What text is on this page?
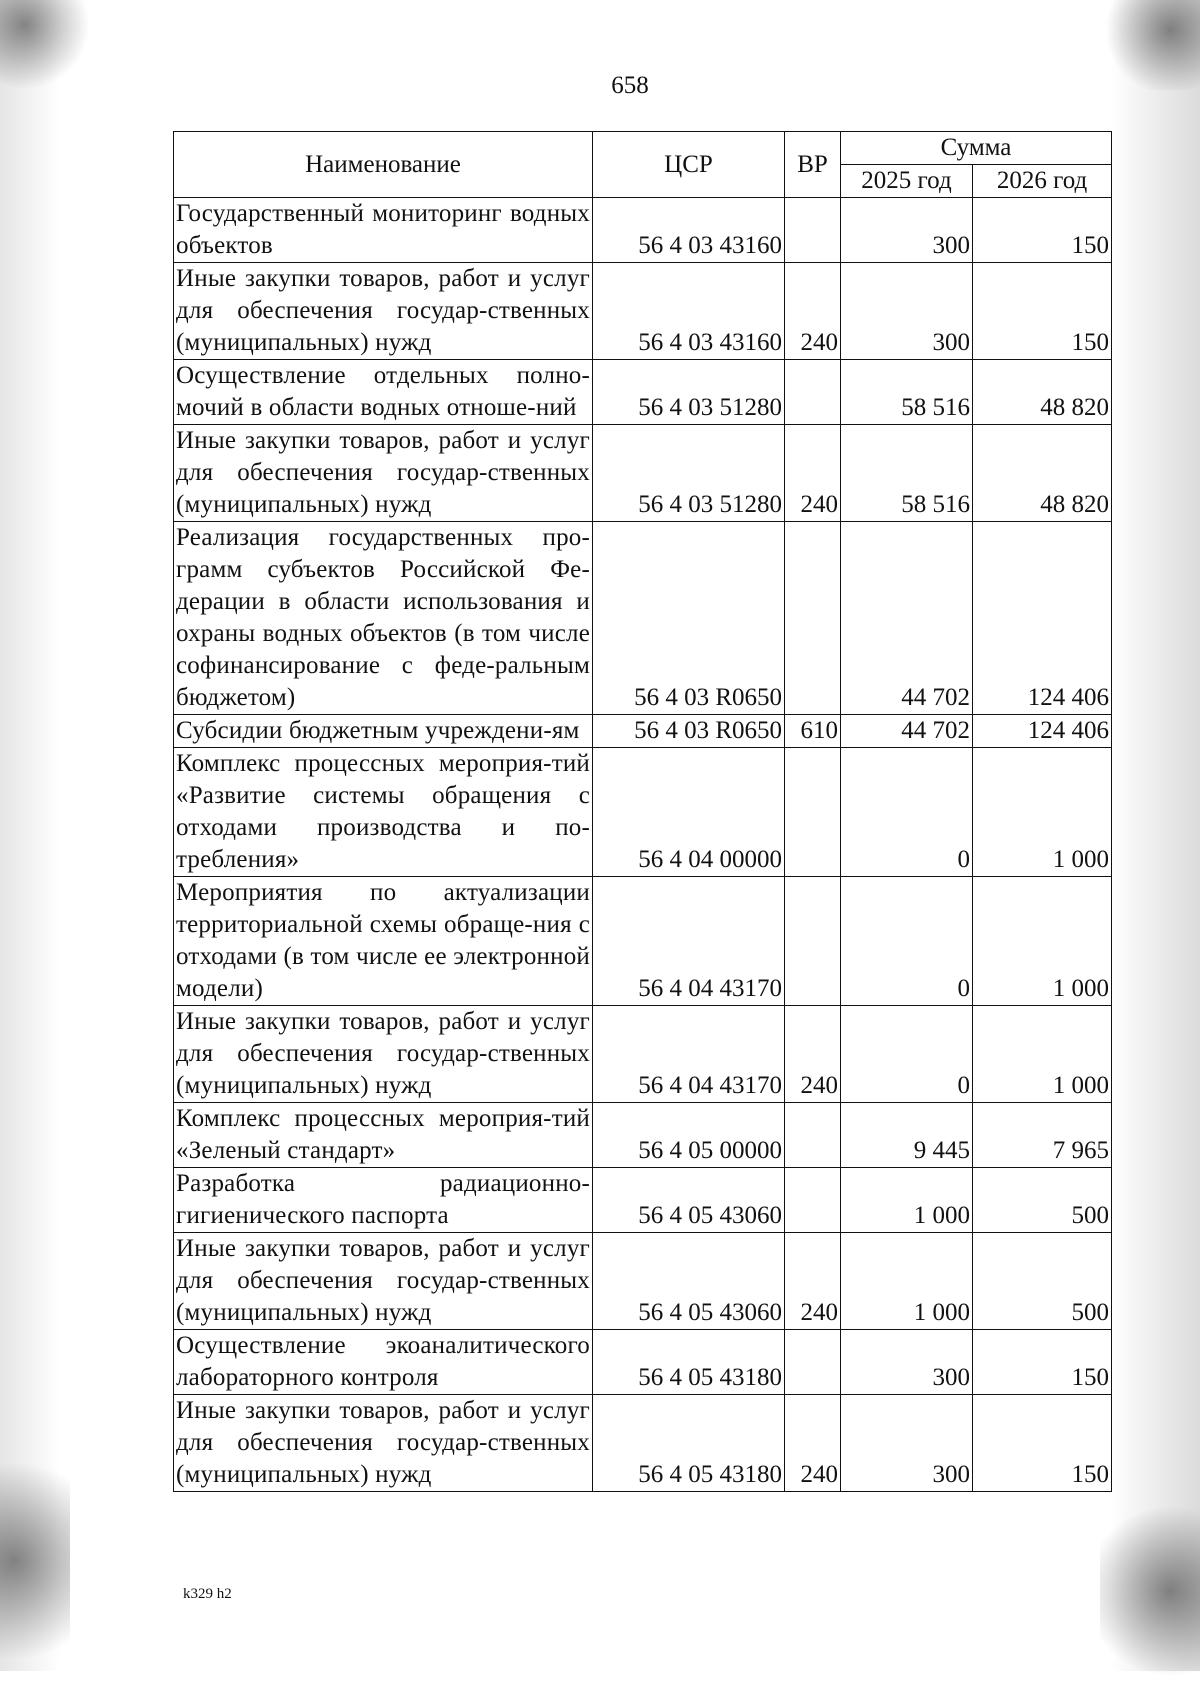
658
Наименование	ЦСР	ВР	Сумма	
			2025 год	2026 год
Государственный мониторинг водных объектов	56 4 03 43160		300	150
Иные закупки товаров, работ и услуг для обеспечения государ-ственных (муниципальных) нужд	56 4 03 43160	240	300	150
Осуществление отдельных полно-мочий в области водных отноше-ний	56 4 03 51280		58 516	48 820
Иные закупки товаров, работ и услуг для обеспечения государ-ственных (муниципальных) нужд	56 4 03 51280	240	58 516	48 820
Реализация государственных про-грамм субъектов Российской Фе-дерации в области использования и охраны водных объектов (в том числе софинансирование с феде-ральным бюджетом)	56 4 03 R0650		44 702	124 406
Субсидии бюджетным учреждени-ям	56 4 03 R0650	610	44 702	124 406
Комплекс процессных мероприя-тий «Развитие системы обращения с отходами производства и по-требления»	56 4 04 00000		0	1 000
Мероприятия по актуализации территориальной схемы обраще-ния с отходами (в том числе ее электронной модели)	56 4 04 43170		0	1 000
Иные закупки товаров, работ и услуг для обеспечения государ-ственных (муниципальных) нужд	56 4 04 43170	240	0	1 000
Комплекс процессных мероприя-тий «Зеленый стандарт»	56 4 05 00000		9 445	7 965
Разработка радиационно-гигиенического паспорта	56 4 05 43060		1 000	500
Иные закупки товаров, работ и услуг для обеспечения государ-ственных (муниципальных) нужд	56 4 05 43060	240	1 000	500
Осуществление экоаналитического лабораторного контроля	56 4 05 43180		300	150
Иные закупки товаров, работ и услуг для обеспечения государ-ственных (муниципальных) нужд	56 4 05 43180	240	300	150
k329 h2
